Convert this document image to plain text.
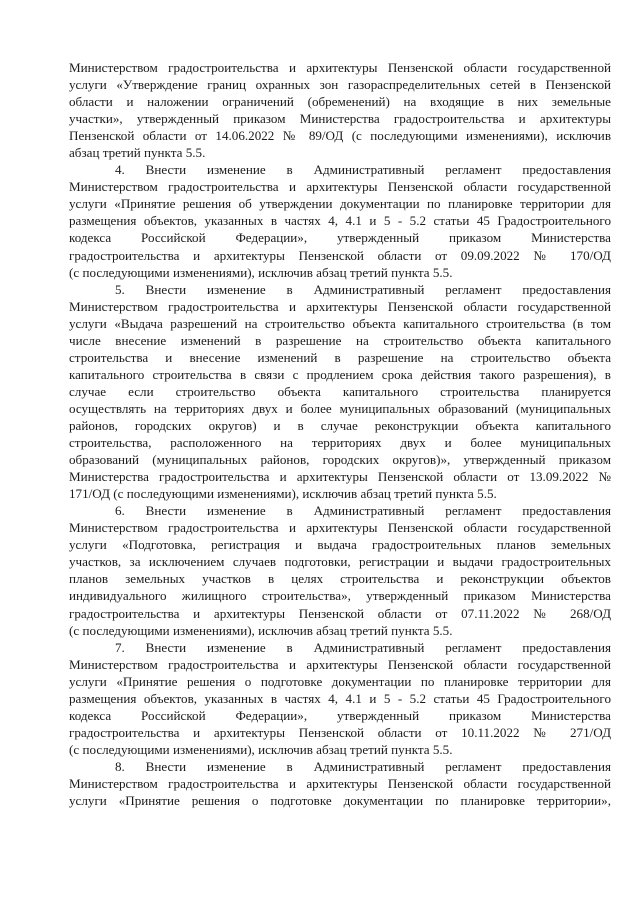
Министерством градостроительства и архитектуры Пензенской области государственной
услуги «Утверждение границ охранных зон газораспределительных сетей в Пензенской
области и наложении ограничений (обременений) на входящие в них земельные
участки», утвержденный приказом Министерства градостроительства и архитектуры
Пензенской области от 14.06.2022 № 89/ОД (с последующими изменениями), исключив
абзац третий пункта 5.5.
4. Внести изменение в Административный регламент предоставления
Министерством градостроительства и архитектуры Пензенской области государственной
услуги «Принятие решения об утверждении документации по планировке территории для
размещения объектов, указанных в частях 4, 4.1 и 5 - 5.2 статьи 45 Градостроительного
кодекса Российской Федерации», утвержденный приказом Министерства
градостроительства и архитектуры Пензенской области от 09.09.2022 № 170/ОД
(с последующими изменениями), исключив абзац третий пункта 5.5.
5. Внести изменение в Административный регламент предоставления
Министерством градостроительства и архитектуры Пензенской области государственной
услуги «Выдача разрешений на строительство объекта капитального строительства (в том
числе внесение изменений в разрешение на строительство объекта капитального
строительства и внесение изменений в разрешение на строительство объекта
капитального строительства в связи с продлением срока действия такого разрешения), в
случае если строительство объекта капитального строительства планируется
осуществлять на территориях двух и более муниципальных образований (муниципальных
районов, городских округов) и в случае реконструкции объекта капитального
строительства, расположенного на территориях двух и более муниципальных
образований (муниципальных районов, городских округов)», утвержденный приказом
Министерства градостроительства и архитектуры Пензенской области от 13.09.2022 №
171/ОД (с последующими изменениями), исключив абзац третий пункта 5.5.
6. Внести изменение в Административный регламент предоставления
Министерством градостроительства и архитектуры Пензенской области государственной
услуги «Подготовка, регистрация и выдача градостроительных планов земельных
участков, за исключением случаев подготовки, регистрации и выдачи градостроительных
планов земельных участков в целях строительства и реконструкции объектов
индивидуального жилищного строительства», утвержденный приказом Министерства
градостроительства и архитектуры Пензенской области от 07.11.2022 № 268/ОД
(с последующими изменениями), исключив абзац третий пункта 5.5.
7. Внести изменение в Административный регламент предоставления
Министерством градостроительства и архитектуры Пензенской области государственной
услуги «Принятие решения о подготовке документации по планировке территории для
размещения объектов, указанных в частях 4, 4.1 и 5 - 5.2 статьи 45 Градостроительного
кодекса Российской Федерации», утвержденный приказом Министерства
градостроительства и архитектуры Пензенской области от 10.11.2022 № 271/ОД
(с последующими изменениями), исключив абзац третий пункта 5.5.
8. Внести изменение в Административный регламент предоставления
Министерством градостроительства и архитектуры Пензенской области государственной
услуги «Принятие решения о подготовке документации по планировке территории»,
